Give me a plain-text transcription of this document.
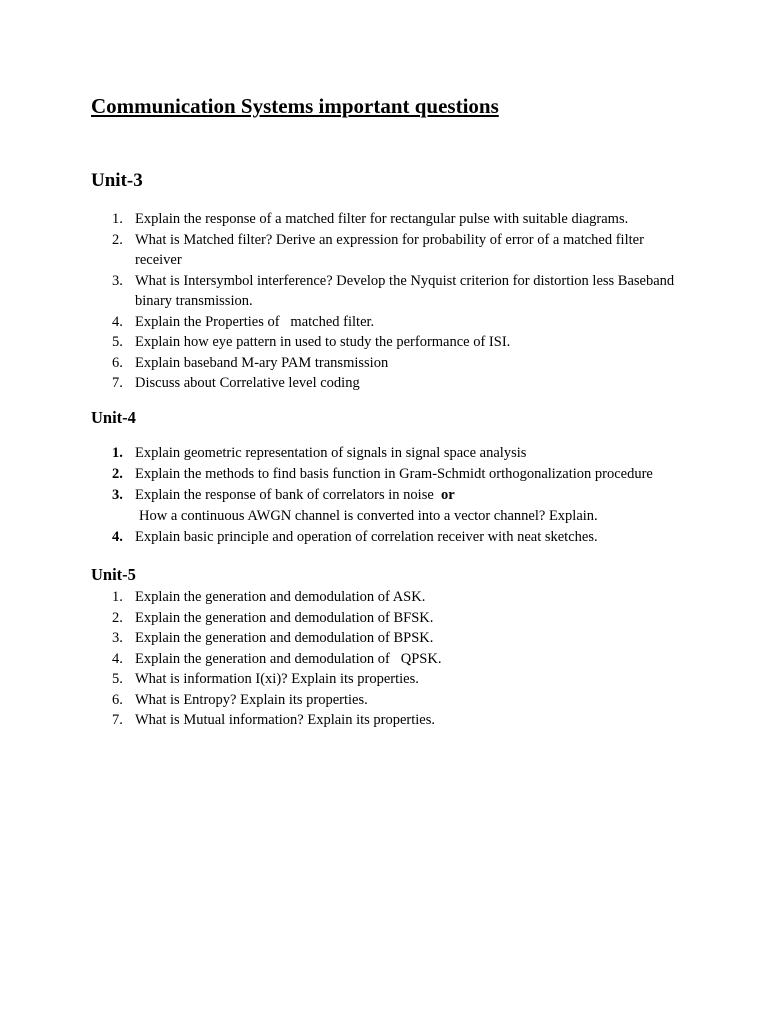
Communication Systems important questions
Unit-3
1. Explain the response of a matched filter for rectangular pulse with suitable diagrams.
2. What is Matched filter? Derive an expression for probability of error of a matched filter receiver
3. What is Intersymbol interference? Develop the Nyquist criterion for distortion less Baseband binary transmission.
4. Explain the Properties of   matched filter.
5. Explain how eye pattern in used to study the performance of ISI.
6. Explain baseband M-ary PAM transmission
7. Discuss about Correlative level coding
Unit-4
1. Explain geometric representation of signals in signal space analysis
2. Explain the methods to find basis function in Gram-Schmidt orthogonalization procedure
3. Explain the response of bank of correlators in noise or
How a continuous AWGN channel is converted into a vector channel? Explain.
4. Explain basic principle and operation of correlation receiver with neat sketches.
Unit-5
1. Explain the generation and demodulation of ASK.
2. Explain the generation and demodulation of BFSK.
3. Explain the generation and demodulation of BPSK.
4. Explain the generation and demodulation of   QPSK.
5. What is information I(xi)? Explain its properties.
6. What is Entropy? Explain its properties.
7. What is Mutual information? Explain its properties.
